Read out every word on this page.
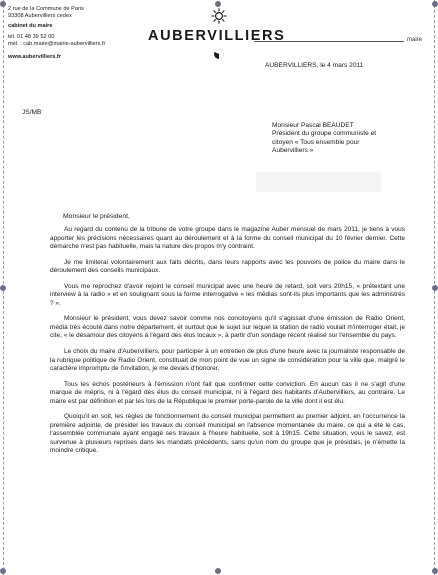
2 rue de la Commune de Paris
93308 Aubervilliers cedex
cabinet du maire
tél. 01 48 39 52 00
mél. : cab.maire@mairie-aubervilliers.fr
www.aubervilliers.fr
AUBERVILLIERS	maire
AUBERVILLIERS, le 4 mars 2011
JS/MB
Monsieur Pascal BEAUDET
Président du groupe communiste et
citoyen « Tous ensemble pour
Aubervilliers »
Monsieur le président,

Au regard du contenu de la tribune de votre groupe dans le magazine Auber mensuel de mars 2011, je tiens à vous apporter les précisions nécessaires quant au déroulement et à la forme du conseil municipal du 10 février dernier. Cette démarche n'est pas habituelle, mais la nature des propos m'y contraint.

Je me limiterai volontairement aux faits décrits, dans leurs rapports avec les pouvoirs de police du maire dans le déroulement des conseils municipaux.

Vous me reprochez d'avoir rejoint le conseil municipal avec une heure de retard, soit vers 20h15, « prétextant une interview à la radio » et en soulignant sous la forme interrogative « les médias sont-ils plus importants que les administrés ? ».

Monsieur le président, vous devez savoir comme nos concitoyens qu'il s'agissait d'une émission de Radio Orient, média très écouté dans notre département, et surtout que le sujet sur lequel la station de radio voulait m'interroger était, je cite, « le désamour des citoyens à l'égard des élus locaux », à partir d'un sondage récent réalisé sur l'ensemble du pays.

Le choix du maire d'Aubervilliers, pour participer à un entretien de plus d'une heure avec la journaliste responsable de la rubrique politique de Radio Orient, constituait de mon point de vue un signe de considération pour la ville que, malgré le caractère impromptu de l'invitation, je me devais d'honorer.

Tous les échos postérieurs à l'émission n'ont fait que confirmer cette conviction. En aucun cas il ne s'agit d'une marque de mépris, ni à l'égard des élus du conseil municipal, ni à l'égard des habitants d'Aubervilliers, au contraire. Le maire est par définition et par les lois de la République le premier porte-parole de la ville dont il est élu.

Quoiqu'il en soit, les règles de fonctionnement du conseil municipal permettent au premier adjoint, en l'occurrence la première adjointe, de présider les travaux du conseil municipal en l'absence momentanée du maire, ce qui a été le cas, l'assemblée communale ayant engagé ses travaux à l'heure habituelle, soit à 19h15. Cette situation, vous le savez, est survenue à plusieurs reprises dans les mandats précédents, sans qu'un nom du groupe que je présidais, je n'émette la moindre critique.
